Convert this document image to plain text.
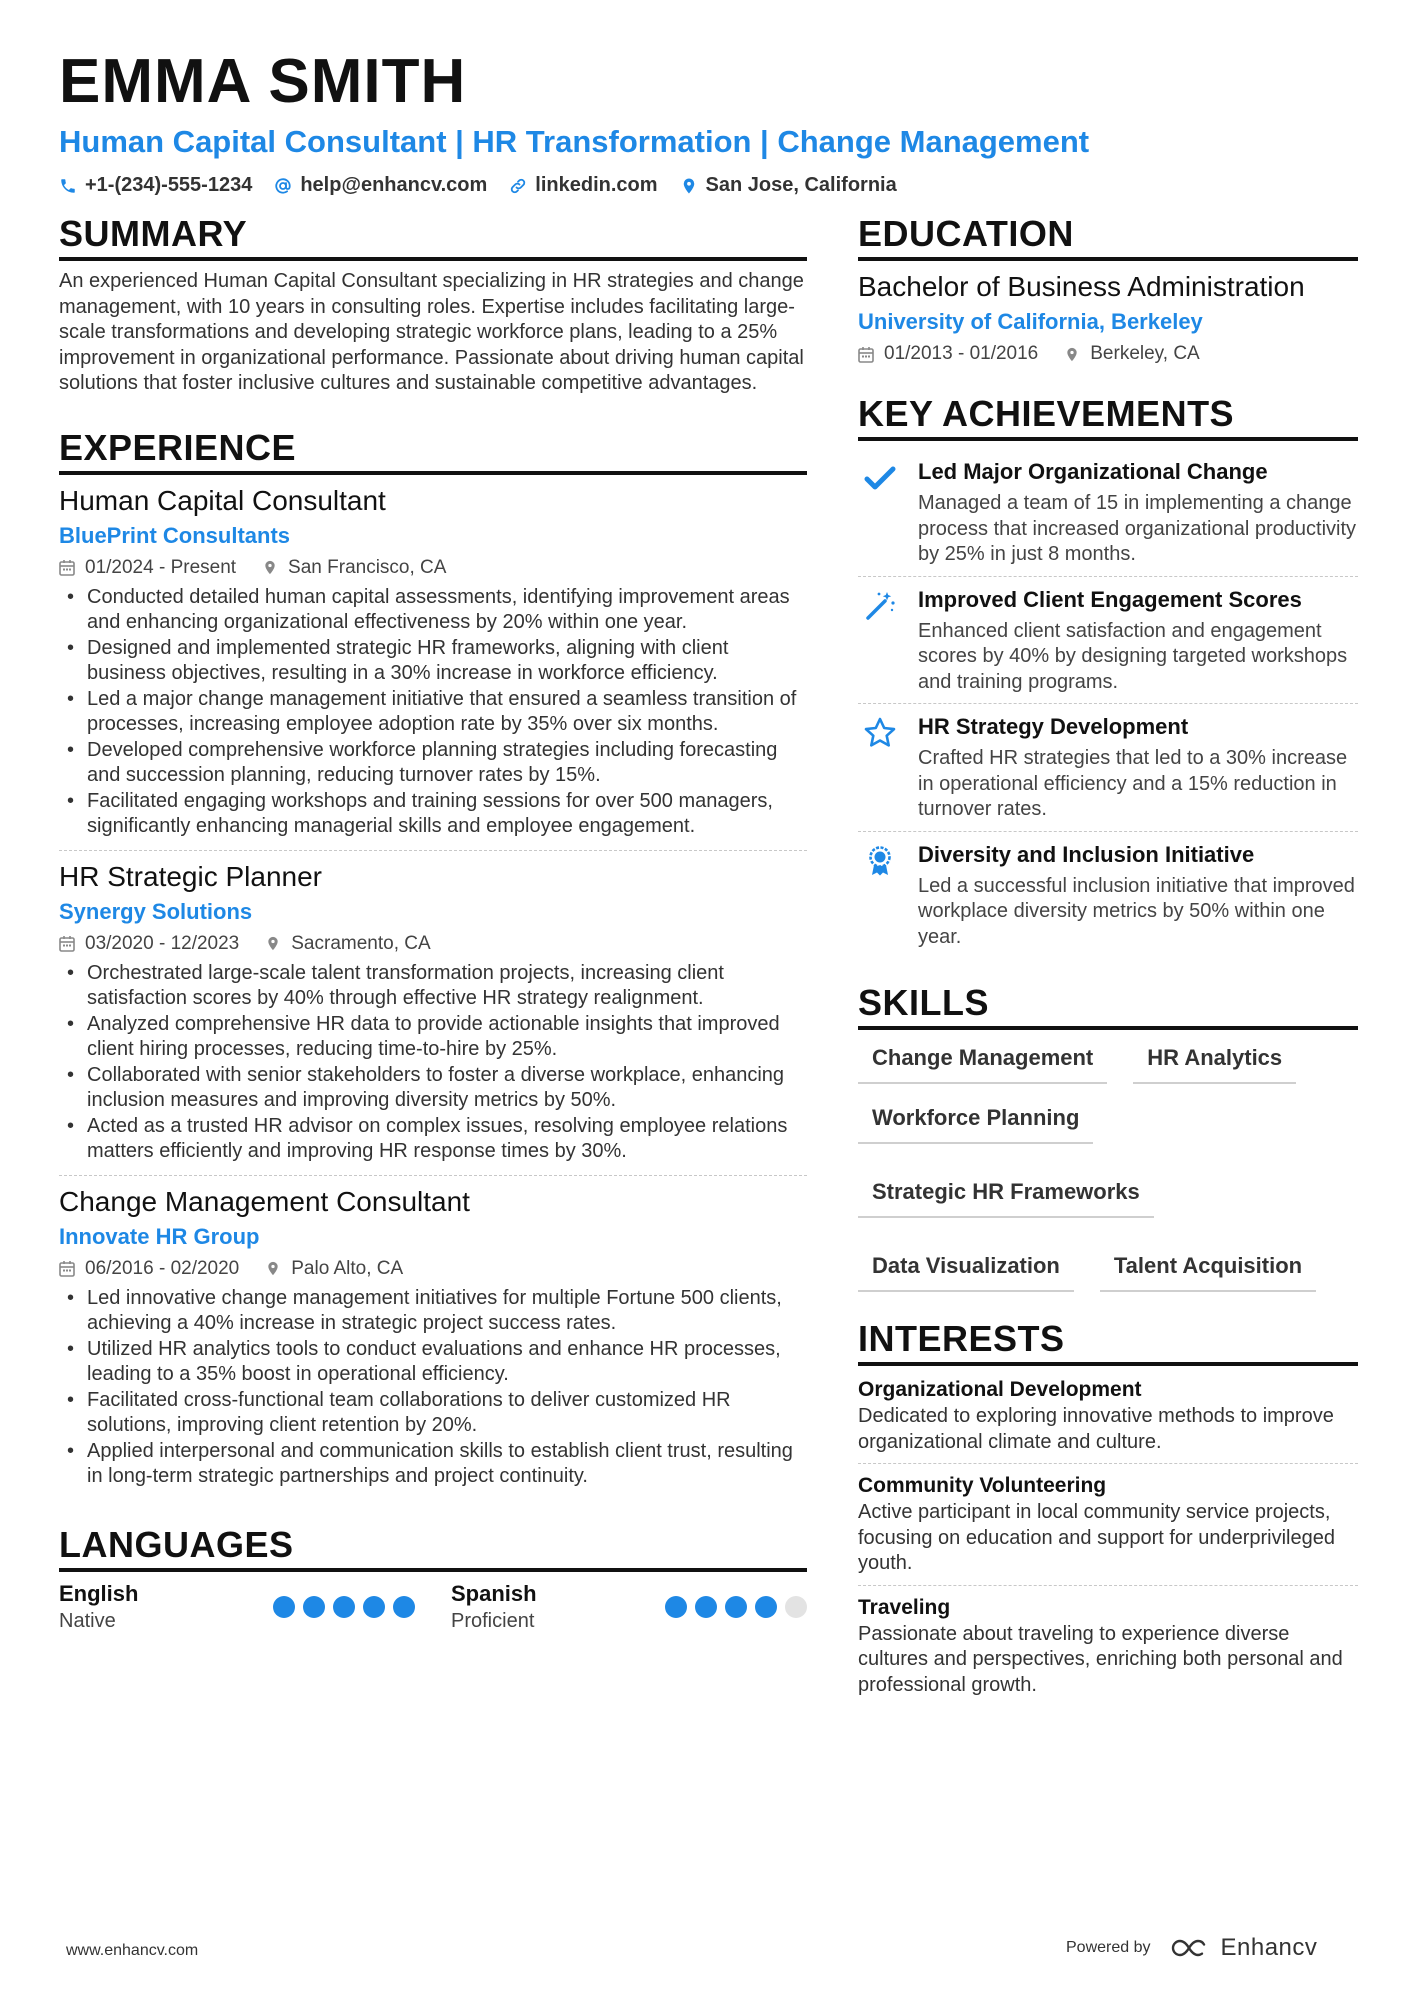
EMMA SMITH
Human Capital Consultant | HR Transformation | Change Management
+1-(234)-555-1234 help@enhancv.com linkedin.com San Jose, California
SUMMARY
An experienced Human Capital Consultant specializing in HR strategies and change management, with 10 years in consulting roles. Expertise includes facilitating large-scale transformations and developing strategic workforce plans, leading to a 25% improvement in organizational performance. Passionate about driving human capital solutions that foster inclusive cultures and sustainable competitive advantages.
EXPERIENCE
Human Capital Consultant
BluePrint Consultants
01/2024 - Present	San Francisco, CA
• Conducted detailed human capital assessments, identifying improvement areas and enhancing organizational effectiveness by 20% within one year.
• Designed and implemented strategic HR frameworks, aligning with client business objectives, resulting in a 30% increase in workforce efficiency.
• Led a major change management initiative that ensured a seamless transition of processes, increasing employee adoption rate by 35% over six months.
• Developed comprehensive workforce planning strategies including forecasting and succession planning, reducing turnover rates by 15%.
• Facilitated engaging workshops and training sessions for over 500 managers, significantly enhancing managerial skills and employee engagement.
HR Strategic Planner
Synergy Solutions
03/2020 - 12/2023	Sacramento, CA
• Orchestrated large-scale talent transformation projects, increasing client satisfaction scores by 40% through effective HR strategy realignment.
• Analyzed comprehensive HR data to provide actionable insights that improved client hiring processes, reducing time-to-hire by 25%.
• Collaborated with senior stakeholders to foster a diverse workplace, enhancing inclusion measures and improving diversity metrics by 50%.
• Acted as a trusted HR advisor on complex issues, resolving employee relations matters efficiently and improving HR response times by 30%.
Change Management Consultant
Innovate HR Group
06/2016 - 02/2020	Palo Alto, CA
• Led innovative change management initiatives for multiple Fortune 500 clients, achieving a 40% increase in strategic project success rates.
• Utilized HR analytics tools to conduct evaluations and enhance HR processes, leading to a 35% boost in operational efficiency.
• Facilitated cross-functional team collaborations to deliver customized HR solutions, improving client retention by 20%.
• Applied interpersonal and communication skills to establish client trust, resulting in long-term strategic partnerships and project continuity.
LANGUAGES
English
Native
Spanish
Proficient
EDUCATION
Bachelor of Business Administration
University of California, Berkeley
01/2013 - 01/2016	Berkeley, CA
KEY ACHIEVEMENTS
Led Major Organizational Change
Managed a team of 15 in implementing a change process that increased organizational productivity by 25% in just 8 months.
Improved Client Engagement Scores
Enhanced client satisfaction and engagement scores by 40% by designing targeted workshops and training programs.
HR Strategy Development
Crafted HR strategies that led to a 30% increase in operational efficiency and a 15% reduction in turnover rates.
Diversity and Inclusion Initiative
Led a successful inclusion initiative that improved workplace diversity metrics by 50% within one year.
SKILLS
Change Management	HR Analytics
Workforce Planning
Strategic HR Frameworks
Data Visualization	Talent Acquisition
INTERESTS
Organizational Development
Dedicated to exploring innovative methods to improve organizational climate and culture.
Community Volunteering
Active participant in local community service projects, focusing on education and support for underprivileged youth.
Traveling
Passionate about traveling to experience diverse cultures and perspectives, enriching both personal and professional growth.
www.enhancv.com	Powered by	Enhancv
